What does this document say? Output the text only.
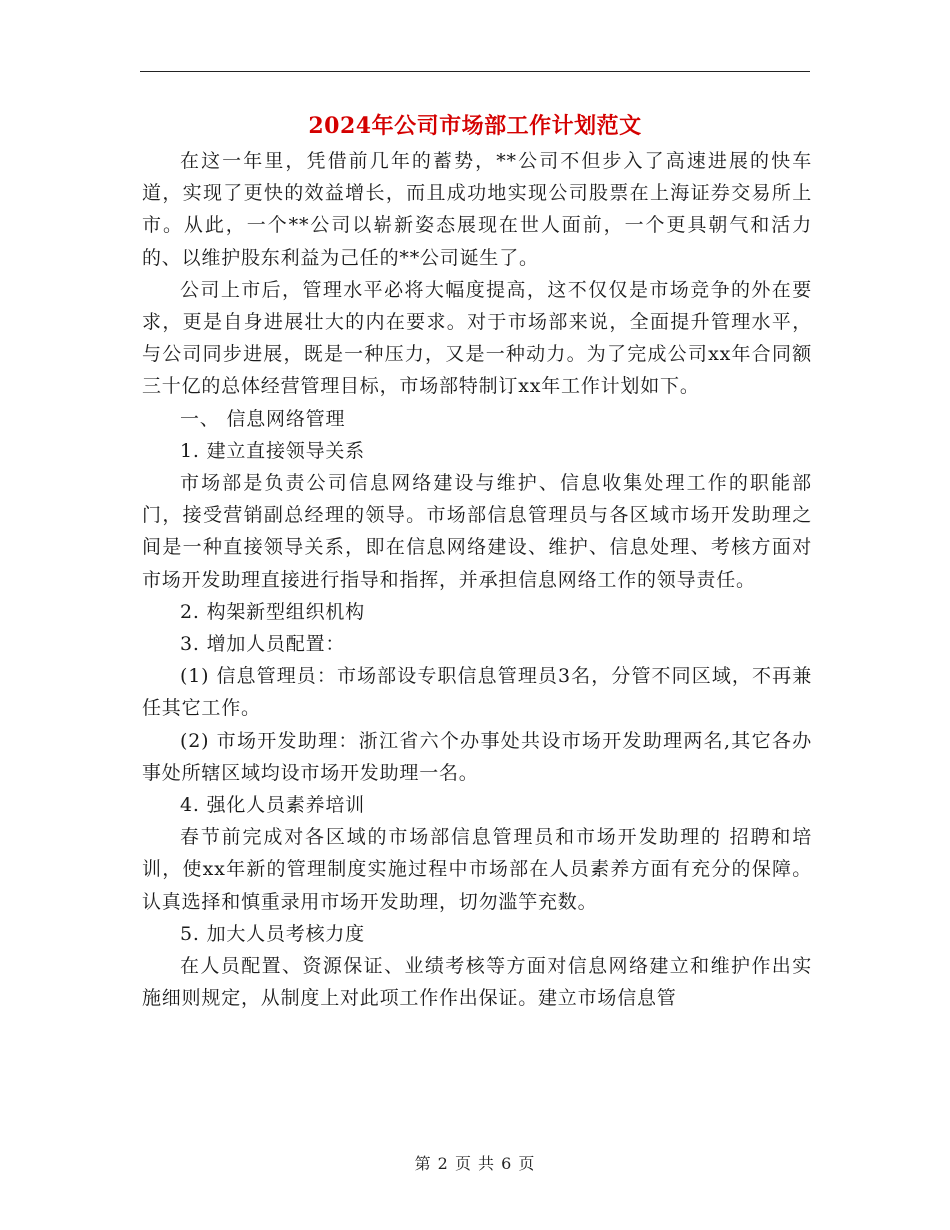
2024年公司市场部工作计划范文

在这一年里，凭借前几年的蓄势，**公司不但步入了高速进展的快车道，实现了更快的效益增长，而且成功地实现公司股票在上海证券交易所上市。从此，一个**公司以崭新姿态展现在世人面前，一个更具朝气和活力的、以维护股东利益为己任的**公司诞生了。

公司上市后，管理水平必将大幅度提高，这不仅仅是市场竞争的外在要求，更是自身进展壮大的内在要求。对于市场部来说，全面提升管理水平，与公司同步进展，既是一种压力，又是一种动力。为了完成公司xx年合同额三十亿的总体经营管理目标，市场部特制订xx年工作计划如下。

一、 信息网络管理

1. 建立直接领导关系

市场部是负责公司信息网络建设与维护、信息收集处理工作的职能部门，接受营销副总经理的领导。市场部信息管理员与各区域市场开发助理之间是一种直接领导关系，即在信息网络建设、维护、信息处理、考核方面对市场开发助理直接进行指导和指挥，并承担信息网络工作的领导责任。

2. 构架新型组织机构

3. 增加人员配置：

(1) 信息管理员：市场部设专职信息管理员3名，分管不同区域，不再兼任其它工作。

(2) 市场开发助理：浙江省六个办事处共设市场开发助理两名,其它各办事处所辖区域均设市场开发助理一名。

4. 强化人员素养培训

春节前完成对各区域的市场部信息管理员和市场开发助理的 招聘和培训，使xx年新的管理制度实施过程中市场部在人员素养方面有充分的保障。认真选择和慎重录用市场开发助理，切勿滥竽充数。

5. 加大人员考核力度

在人员配置、资源保证、业绩考核等方面对信息网络建立和维护作出实施细则规定，从制度上对此项工作作出保证。建立市场信息管

第 2 页 共 6 页
